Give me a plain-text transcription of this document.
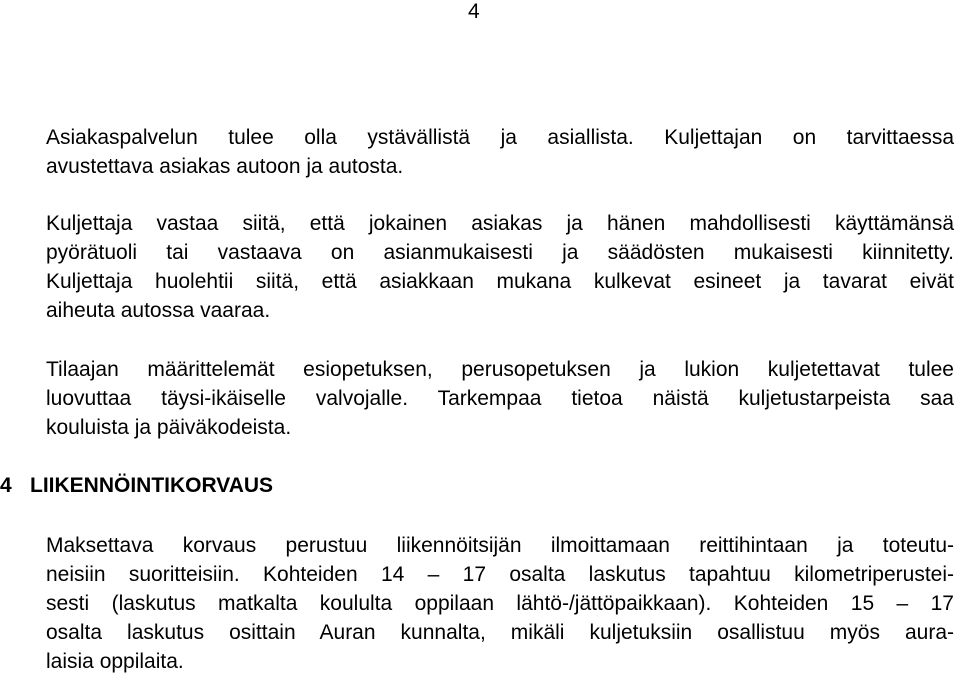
4
Asiakaspalvelun tulee olla ystävällistä ja asiallista. Kuljettajan on tarvittaessa
avustettava asiakas autoon ja autosta.
Kuljettaja vastaa siitä, että jokainen asiakas ja hänen mahdollisesti käyttämänsä
pyörätuoli tai vastaava on asianmukaisesti ja säädösten mukaisesti kiinnitetty.
Kuljettaja huolehtii siitä, että asiakkaan mukana kulkevat esineet ja tavarat eivät
aiheuta autossa vaaraa.
Tilaajan määrittelemät esiopetuksen, perusopetuksen ja lukion kuljetettavat tulee
luovuttaa täysi-ikäiselle valvojalle. Tarkempaa tietoa näistä kuljetustarpeista saa
kouluista ja päiväkodeista.
4 LIIKENNÖINTIKORVAUS
Maksettava korvaus perustuu liikennöitsijän ilmoittamaan reittihintaan ja toteutu-
neisiin suoritteisiin. Kohteiden 14 – 17 osalta laskutus tapahtuu kilometriperustei-
sesti (laskutus matkalta koululta oppilaan lähtö-/jättöpaikkaan). Kohteiden 15 – 17
osalta laskutus osittain Auran kunnalta, mikäli kuljetuksiin osallistuu myös aura-
laisia oppilaita.
